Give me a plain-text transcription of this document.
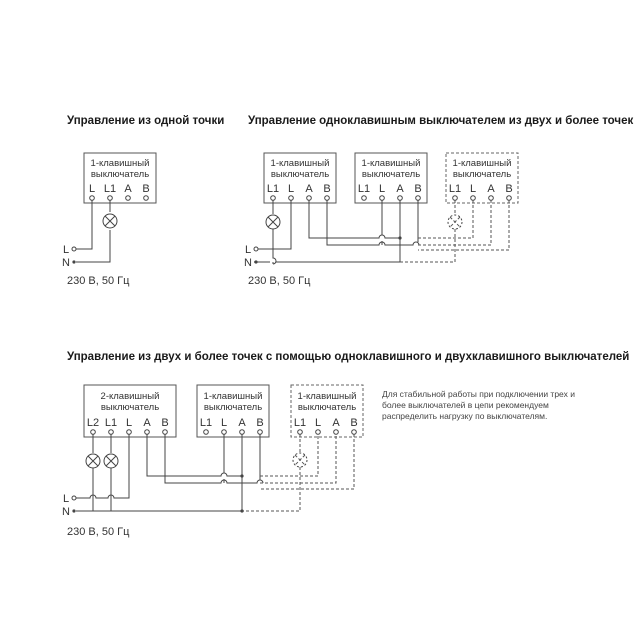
Управление из одной точки
1-клавишный
выключатель
L L1 A B
L
N
230 В, 50 Гц
Управление одноклавишным выключателем из двух и более точек
1-клавишный
выключатель
L1 L A B
1-клавишный
выключатель
L1 L A B
1-клавишный
выключатель
L1 L A B
L
N
230 В, 50 Гц
Управление из двух и более точек с помощью одноклавишного и двухклавишного выключателей
2-клавишный
выключатель
L2 L1 L A B
1-клавишный
выключатель
L1 L A B
1-клавишный
выключатель
L1 L A B
L
N
230 В, 50 Гц
Для стабильной работы при подключении трех и
более выключателей в цепи рекомендуем
распределить нагрузку по выключателям.
